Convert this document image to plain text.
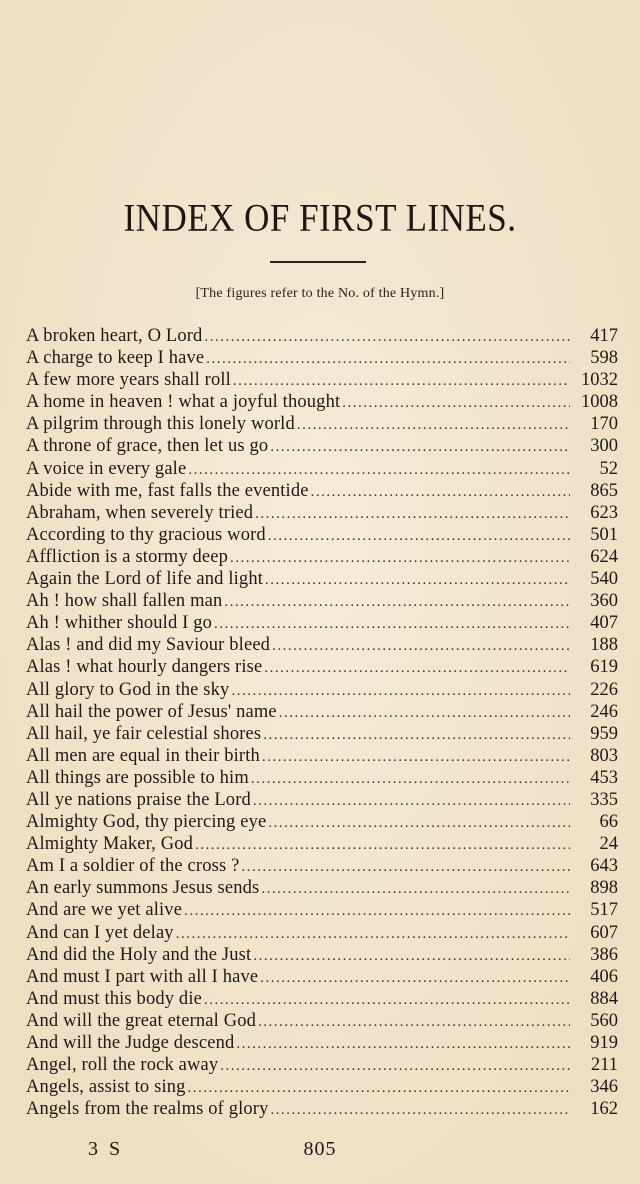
INDEX OF FIRST LINES.
[The figures refer to the No. of the Hymn.]
A broken heart, O Lord .....	417
A charge to keep I have .....	598
A few more years shall roll .....	1032
A home in heaven ! what a joyful thought .....	1008
A pilgrim through this lonely world .....	170
A throne of grace, then let us go .....	300
A voice in every gale .....	52
Abide with me, fast falls the eventide .....	865
Abraham, when severely tried .....	623
According to thy gracious word .....	501
Affliction is a stormy deep .....	624
Again the Lord of life and light .....	540
Ah ! how shall fallen man .....	360
Ah ! whither should I go .....	407
Alas ! and did my Saviour bleed .....	188
Alas ! what hourly dangers rise .....	619
All glory to God in the sky .....	226
All hail the power of Jesus' name .....	246
All hail, ye fair celestial shores .....	959
All men are equal in their birth .....	803
All things are possible to him .....	453
All ye nations praise the Lord .....	335
Almighty God, thy piercing eye .....	66
Almighty Maker, God .....	24
Am I a soldier of the cross ? .....	643
An early summons Jesus sends .....	898
And are we yet alive .....	517
And can I yet delay .....	607
And did the Holy and the Just .....	386
And must I part with all I have .....	406
And must this body die .....	884
And will the great eternal God .....	560
And will the Judge descend .....	919
Angel, roll the rock away .....	211
Angels, assist to sing .....	346
Angels from the realms of glory .....	162
3 S	805
